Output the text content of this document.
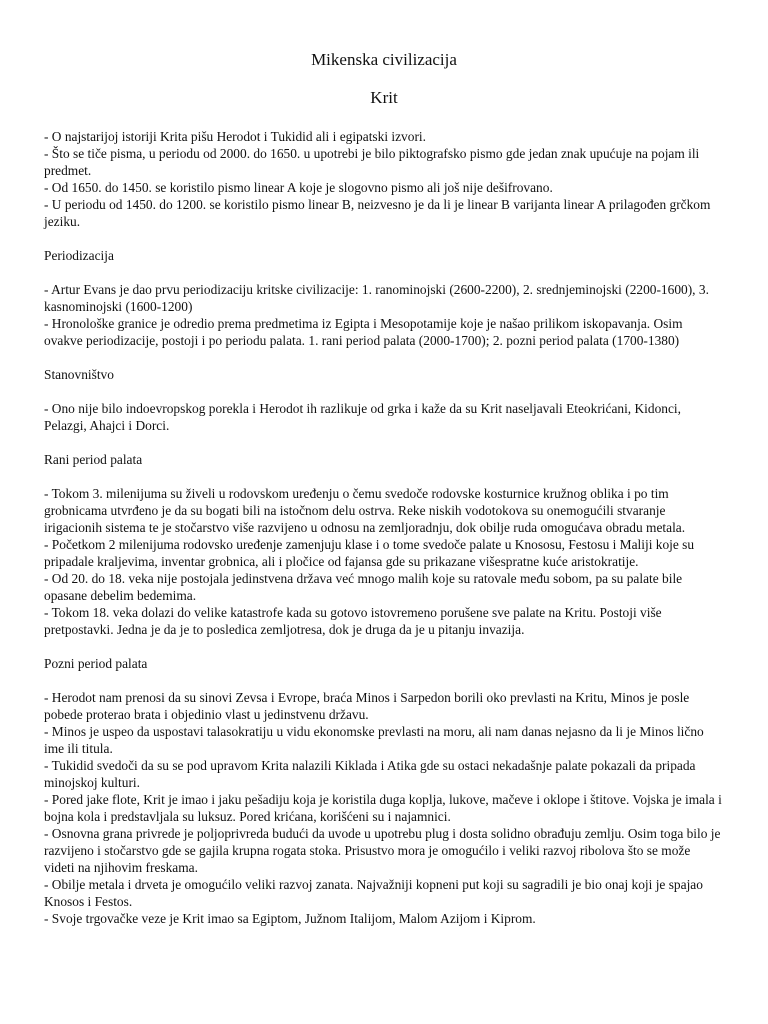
Mikenska civilizacija
Krit

- O najstarijoj istoriji Krita pišu Herodot i Tukidid ali i egipatski izvori.

- Što se tiče pisma, u periodu od 2000. do 1650. u upotrebi je bilo piktografsko pismo gde jedan znak upućuje na pojam ili predmet.

- Od 1650. do 1450. se koristilo pismo linear A koje je slogovno pismo ali još nije dešifrovano.

- U periodu od 1450. do 1200. se koristilo pismo linear B, neizvesno je da li je linear B varijanta linear A prilagođen grčkom jeziku.

Periodizacija

- Artur Evans je dao prvu periodizaciju kritske civilizacije: 1. ranominojski (2600-2200), 2. srednjeminojski (2200-1600), 3. kasnominojski (1600-1200)

- Hronološke granice je odredio prema predmetima iz Egipta i Mesopotamije koje je našao prilikom iskopavanja. Osim ovakve periodizacije, postoji i po periodu palata. 1. rani period palata (2000-1700); 2. pozni period palata (1700-1380)

Stanovništvo

- Ono nije bilo indoevropskog porekla i Herodot ih razlikuje od grka i kaže da su Krit naseljavali Eteokrićani, Kidonci, Pelazgi, Ahajci i Dorci.

Rani period palata

- Tokom 3. milenijuma su živeli u rodovskom uređenju o čemu svedoče rodovske kosturnice kružnog oblika i po tim grobnicama utvrđeno je da su bogati bili na istočnom delu ostrva. Reke niskih vodotokova su onemogućili stvaranje irigacionih sistema te je stočarstvo više razvijeno u odnosu na zemljoradnju, dok obilje ruda omogućava obradu metala.

- Početkom 2 milenijuma rodovsko uređenje zamenjuju klase i o tome svedoče palate u Knososu, Festosu i Maliji koje su pripadale kraljevima, inventar grobnica, ali i pločice od fajansa gde su prikazane višespratne kuće aristokratije.

- Od 20. do 18. veka nije postojala jedinstvena država već mnogo malih koje su ratovale među sobom, pa su palate bile opasane debelim bedemima.

- Tokom 18. veka dolazi do velike katastrofe kada su gotovo istovremeno porušene sve palate na Kritu. Postoji više pretpostavki. Jedna je da je to posledica zemljotresa, dok je druga da je u pitanju invazija.

Pozni period palata

- Herodot nam prenosi da su sinovi Zevsa i Evrope, braća Minos i Sarpedon borili oko prevlasti na Kritu, Minos je posle pobede proterao brata i objedinio vlast u jedinstvenu državu.

- Minos je uspeo da uspostavi talasokratiju u vidu ekonomske prevlasti na moru, ali nam danas nejasno da li je Minos lično ime ili titula.

- Tukidid svedoči da su se pod upravom Krita nalazili Kiklada i Atika gde su ostaci nekadašnje palate pokazali da pripada minojskoj kulturi.

- Pored jake flote, Krit je imao i jaku pešadiju koja je koristila duga koplja, lukove, mačeve i oklope i štitove. Vojska je imala i bojna kola i predstavljala su luksuz. Pored krićana, korišćeni su i najamnici.

- Osnovna grana privrede je poljoprivreda budući da uvode u upotrebu plug i dosta solidno obrađuju zemlju. Osim toga bilo je razvijeno i stočarstvo gde se gajila krupna rogata stoka. Prisustvo mora je omogućilo i veliki razvoj ribolova što se može videti na njihovim freskama.

- Obilje metala i drveta je omogućilo veliki razvoj zanata. Najvažniji kopneni put koji su sagradili je bio onaj koji je spajao Knosos i Festos.

- Svoje trgovačke veze je Krit imao sa Egiptom, Južnom Italijom, Malom Azijom i Kiprom.
